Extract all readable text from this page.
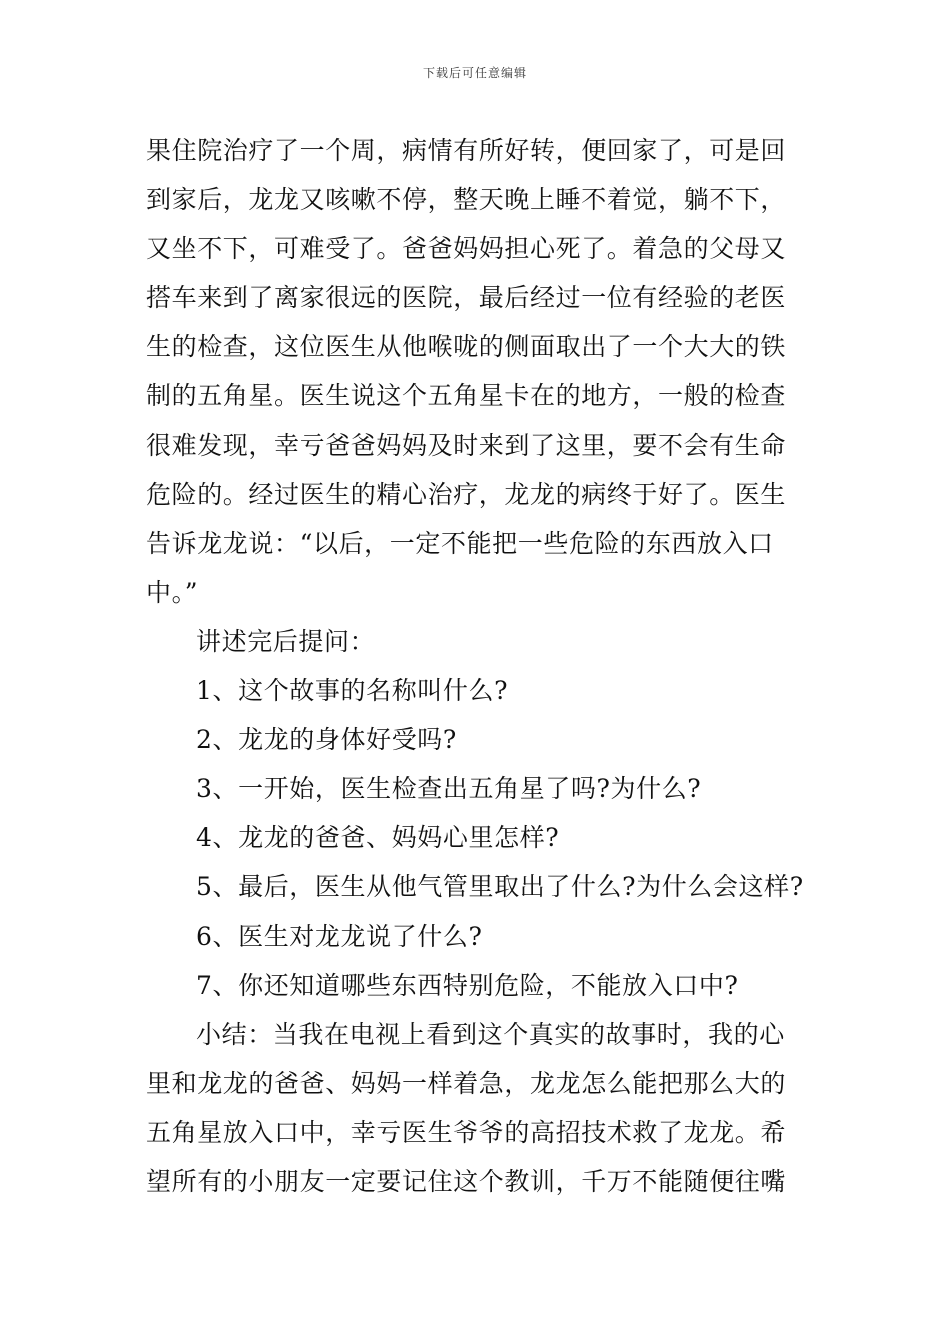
下载后可任意编辑
果住院治疗了一个周，病情有所好转，便回家了，可是回
到家后，龙龙又咳嗽不停，整天晚上睡不着觉，躺不下，
又坐不下，可难受了。爸爸妈妈担心死了。着急的父母又
搭车来到了离家很远的医院，最后经过一位有经验的老医
生的检查，这位医生从他喉咙的侧面取出了一个大大的铁
制的五角星。医生说这个五角星卡在的地方，一般的检查
很难发现，幸亏爸爸妈妈及时来到了这里，要不会有生命
危险的。经过医生的精心治疗，龙龙的病终于好了。医生
告诉龙龙说：“以后，一定不能把一些危险的东西放入口
中。”
讲述完后提问：
1、这个故事的名称叫什么?
2、龙龙的身体好受吗?
3、一开始，医生检查出五角星了吗?为什么?
4、龙龙的爸爸、妈妈心里怎样?
5、最后，医生从他气管里取出了什么?为什么会这样?
6、医生对龙龙说了什么?
7、你还知道哪些东西特别危险，不能放入口中?
小结：当我在电视上看到这个真实的故事时，我的心
里和龙龙的爸爸、妈妈一样着急，龙龙怎么能把那么大的
五角星放入口中，幸亏医生爷爷的高招技术救了龙龙。希
望所有的小朋友一定要记住这个教训，千万不能随便往嘴
